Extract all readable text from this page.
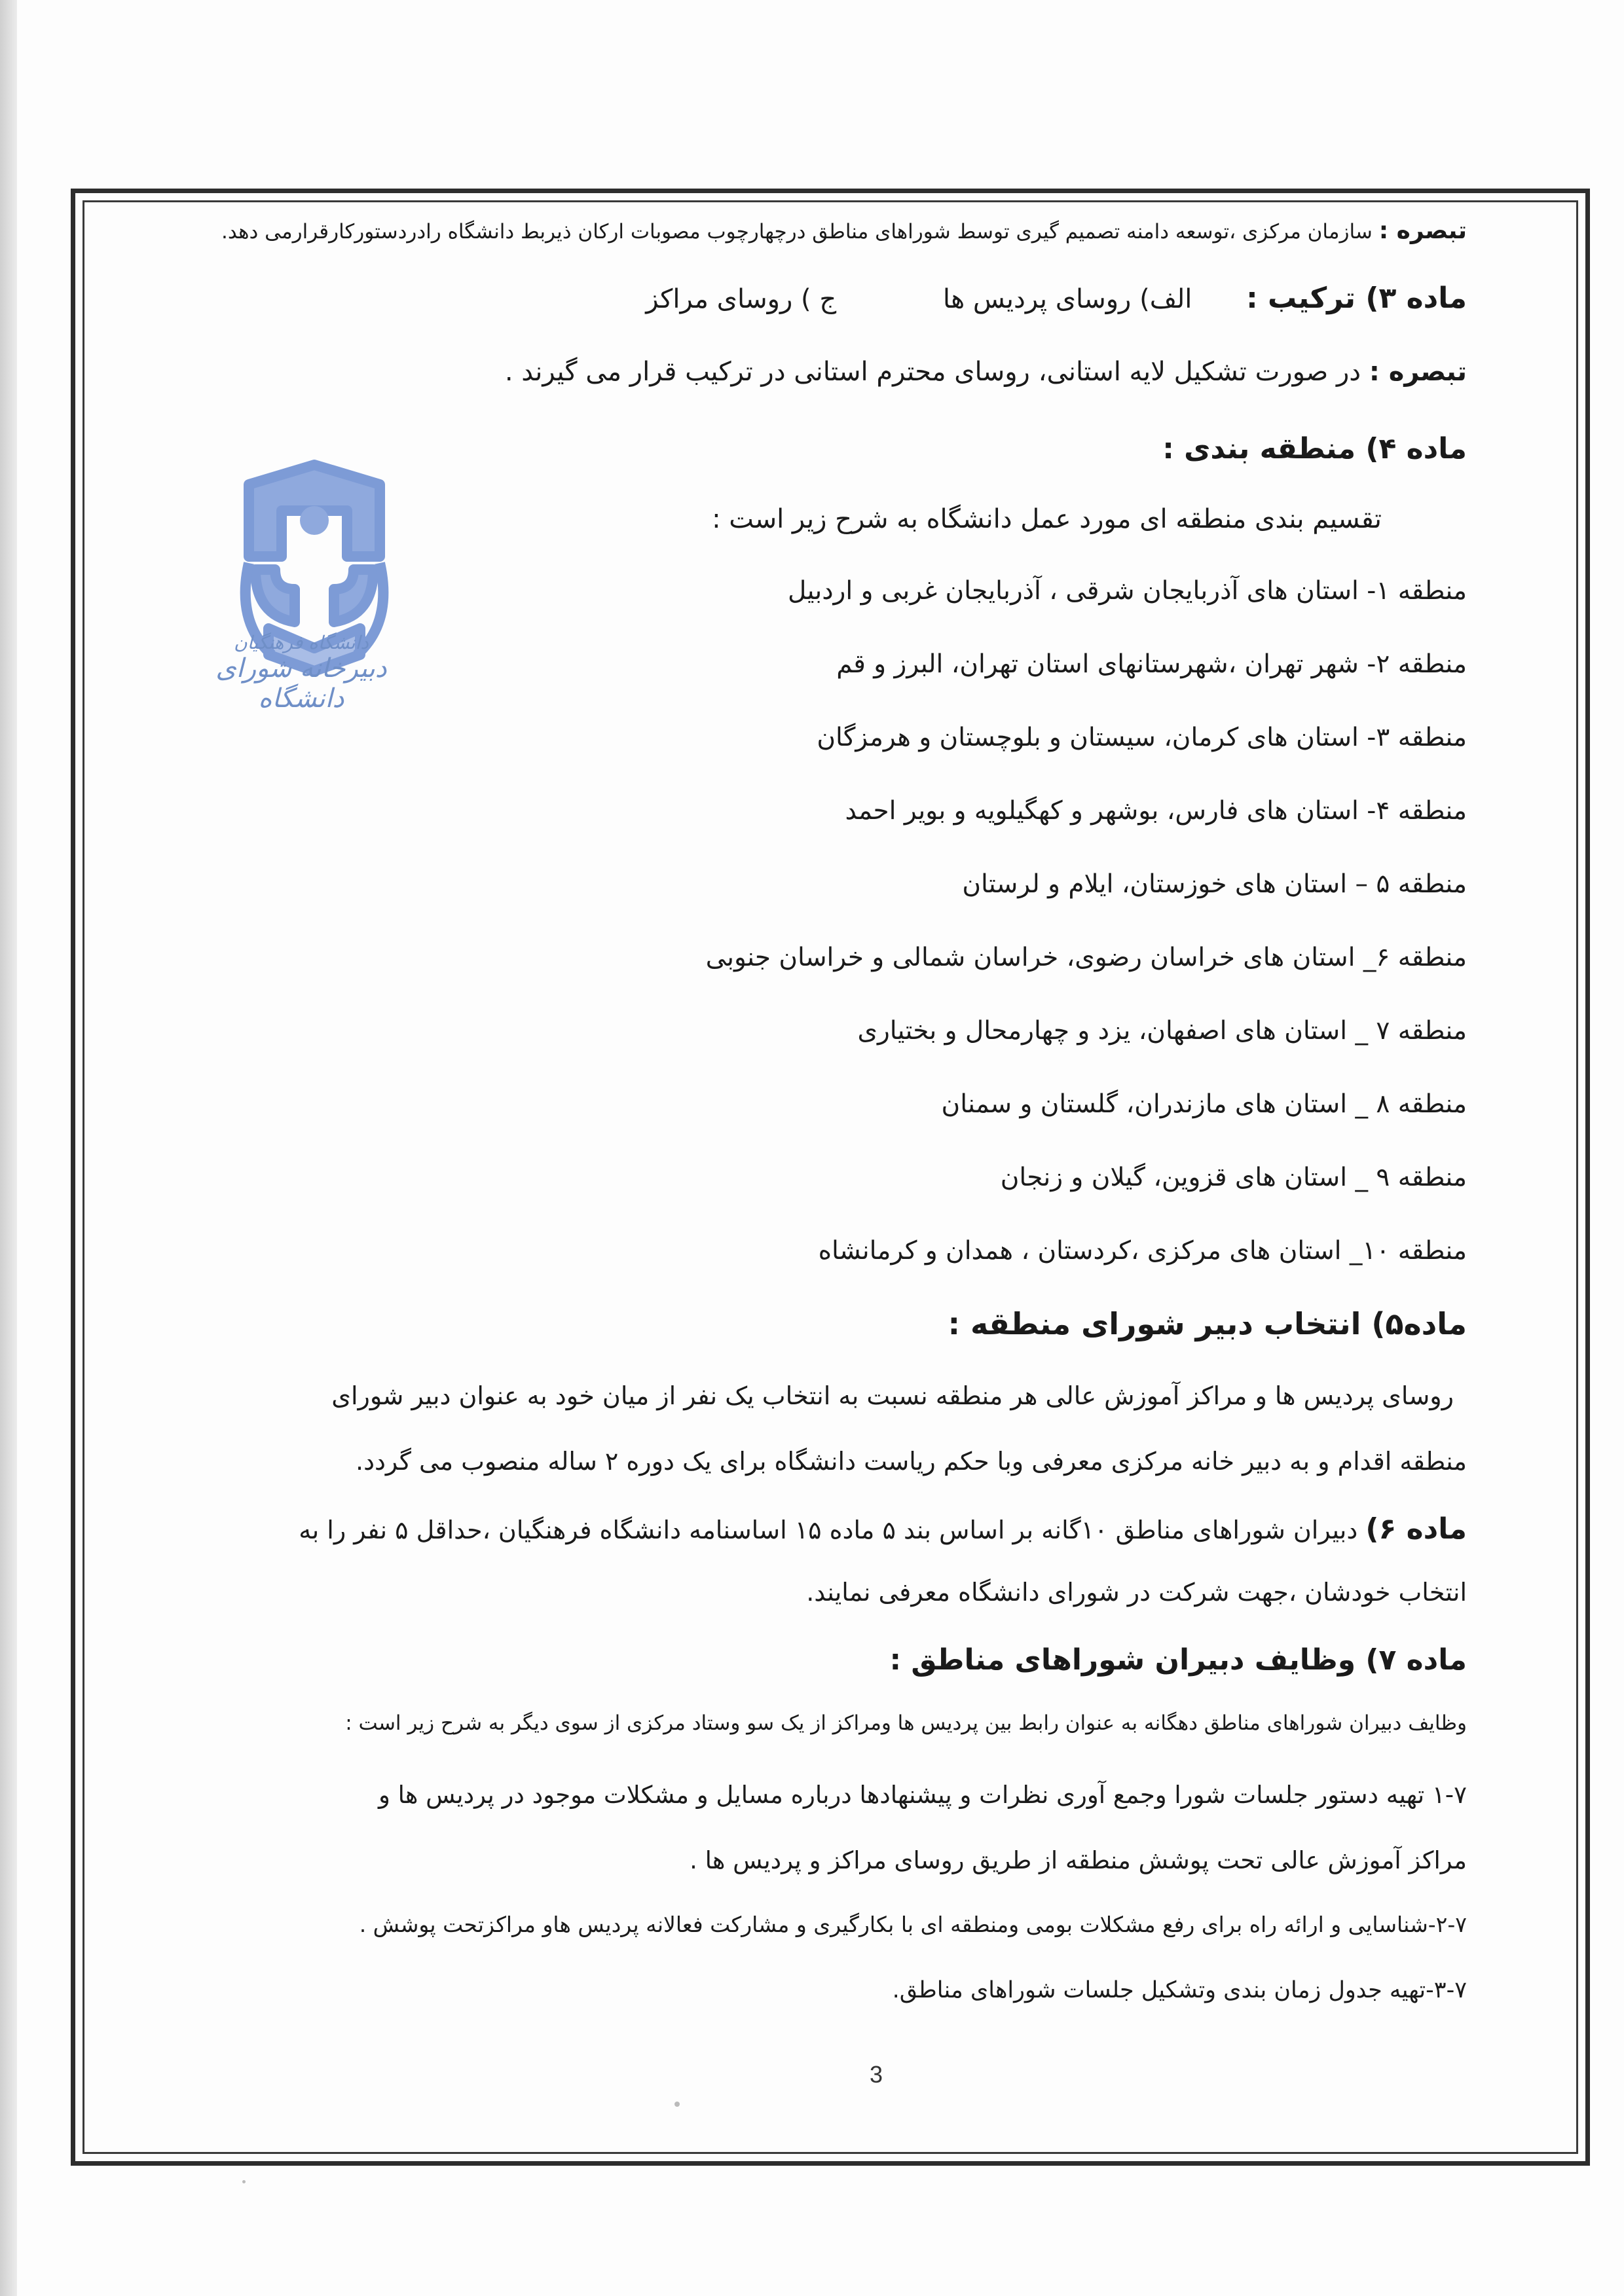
دانشگاه فرهنگیان
دبیرخانه شورای دانشگاه
تبصره : سازمان مرکزی ،توسعه دامنه تصمیم گیری توسط شوراهای مناطق درچهارچوب مصوبات ارکان ذیربط دانشگاه رادردستورکارقرارمی دهد.
ماده ۳) ترکیب : الف) روسای پردیس ها ج ) روسای مراکز
تبصره : در صورت تشکیل لایه استانی، روسای محترم استانی در ترکیب قرار می گیرند .
ماده ۴) منطقه بندی :
تقسیم بندی منطقه ای مورد عمل دانشگاه به شرح زیر است :
منطقه ۱- استان های آذربایجان شرقی ، آذربایجان غربی و اردبیل
منطقه ۲- شهر تهران ،شهرستانهای استان تهران، البرز و قم
منطقه ۳- استان های کرمان، سیستان و بلوچستان و هرمزگان
منطقه ۴- استان های فارس، بوشهر و کهگیلویه و بویر احمد
منطقه ۵ – استان های خوزستان، ایلام و لرستان
منطقه ۶_ استان های خراسان رضوی، خراسان شمالی و خراسان جنوبی
منطقه ۷ _ استان های اصفهان، یزد و چهارمحال و بختیاری
منطقه ۸ _ استان های مازندران، گلستان و سمنان
منطقه ۹ _ استان های قزوین، گیلان و زنجان
منطقه ۱۰_ استان های مرکزی ،کردستان ، همدان و کرمانشاه
ماده۵) انتخاب دبیر شورای منطقه :
روسای پردیس ها و مراکز آموزش عالی هر منطقه نسبت به انتخاب یک نفر از میان خود به عنوان دبیر شورای
منطقه اقدام و به دبیر خانه مرکزی معرفی وبا حکم ریاست دانشگاه برای یک دوره ۲ ساله منصوب می گردد.
ماده ۶) دبیران شوراهای مناطق ۱۰گانه بر اساس بند ۵ ماده ۱۵ اساسنامه دانشگاه فرهنگیان ،حداقل ۵ نفر را به
انتخاب خودشان ،جهت شرکت در شورای دانشگاه معرفی نمایند.
ماده ۷) وظایف دبیران شوراهای مناطق :
وظایف دبیران شوراهای مناطق دهگانه به عنوان رابط بین پردیس ها ومراکز از یک سو وستاد مرکزی از سوی دیگر به شرح زیر است :
۱-۷ تهیه دستور جلسات شورا وجمع آوری نظرات و پیشنهادها درباره مسایل و مشکلات موجود در پردیس ها و
مراکز آموزش عالی تحت پوشش منطقه از طریق روسای مراکز و پردیس ها .
۲-۷-شناسایی و ارائه راه برای رفع مشکلات بومی ومنطقه ای با بکارگیری و مشارکت فعالانه پردیس هاو مراکزتحت پوشش .
۳-۷-تهیه جدول زمان بندی وتشکیل جلسات شوراهای مناطق.
3
